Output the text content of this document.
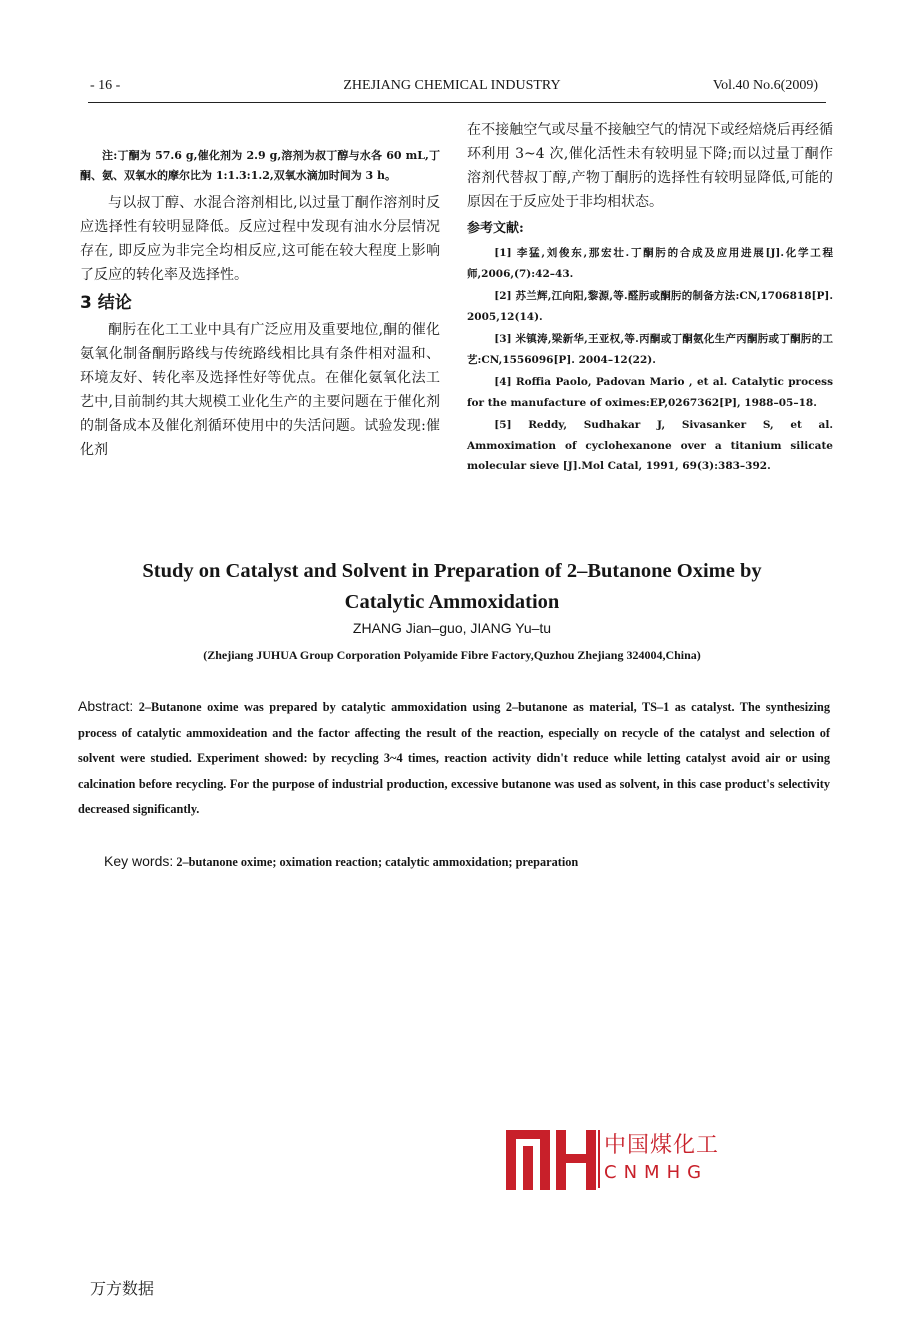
- 16 -	ZHEJIANG CHEMICAL INDUSTRY	Vol.40 No.6(2009)

注:丁酮为 57.6 g,催化剂为 2.9 g,溶剂为叔丁醇与水各 60 mL,丁酮、氨、双氧水的摩尔比为 1:1.3:1.2,双氧水滴加时间为 3 h。

与以叔丁醇、水混合溶剂相比,以过量丁酮作溶剂时反应选择性有较明显降低。反应过程中发现有油水分层情况存在, 即反应为非完全均相反应,这可能在较大程度上影响了反应的转化率及选择性。

3 结论

酮肟在化工工业中具有广泛应用及重要地位,酮的催化氨氧化制备酮肟路线与传统路线相比具有条件相对温和、环境友好、转化率及选择性好等优点。在催化氨氧化法工艺中,目前制约其大规模工业化生产的主要问题在于催化剂的制备成本及催化剂循环使用中的失活问题。试验发现:催化剂

在不接触空气或尽量不接触空气的情况下或经焙烧后再经循环利用 3~4 次,催化活性未有较明显下降;而以过量丁酮作溶剂代替叔丁醇,产物丁酮肟的选择性有较明显降低,可能的原因在于反应处于非均相状态。

参考文献:

[1] 李猛,刘俊东,那宏壮.丁酮肟的合成及应用进展[J].化学工程师,2006,(7):42–43.

[2] 苏兰辉,江向阳,黎源,等.醛肟或酮肟的制备方法:CN,1706818[P]. 2005,12(14).

[3] 米镇涛,梁新华,王亚权,等.丙酮或丁酮氨化生产丙酮肟或丁酮肟的工艺:CN,1556096[P]. 2004–12(22).

[4] Roffia Paolo, Padovan Mario , et al. Catalytic process for the manufacture of oximes:EP,0267362[P], 1988–05–18.

[5] Reddy, Sudhakar J, Sivasanker S, et al. Ammoximation of cyclohexanone over a titanium silicate molecular sieve [J].Mol Catal, 1991, 69(3):383–392.

Study on Catalyst and Solvent in Preparation of 2–Butanone Oxime by
Catalytic Ammoxidation
ZHANG Jian–guo, JIANG Yu–tu
(Zhejiang JUHUA Group Corporation Polyamide Fibre Factory,Quzhou Zhejiang 324004,China)

Abstract: 2–Butanone oxime was prepared by catalytic ammoxidation using 2–butanone as material, TS–1 as catalyst. The synthesizing process of catalytic ammoxideation and the factor affecting the result of the reaction, especially on recycle of the catalyst and selection of solvent were studied. Experiment showed: by recycling 3~4 times, reaction activity didn't reduce while letting catalyst avoid air or using calcination before recycling. For the purpose of industrial production, excessive butanone was used as solvent, in this case product's selectivity decreased significantly.

Key words: 2–butanone oxime; oximation reaction; catalytic ammoxidation; preparation

中国煤化工
CNMHG
万方数据
